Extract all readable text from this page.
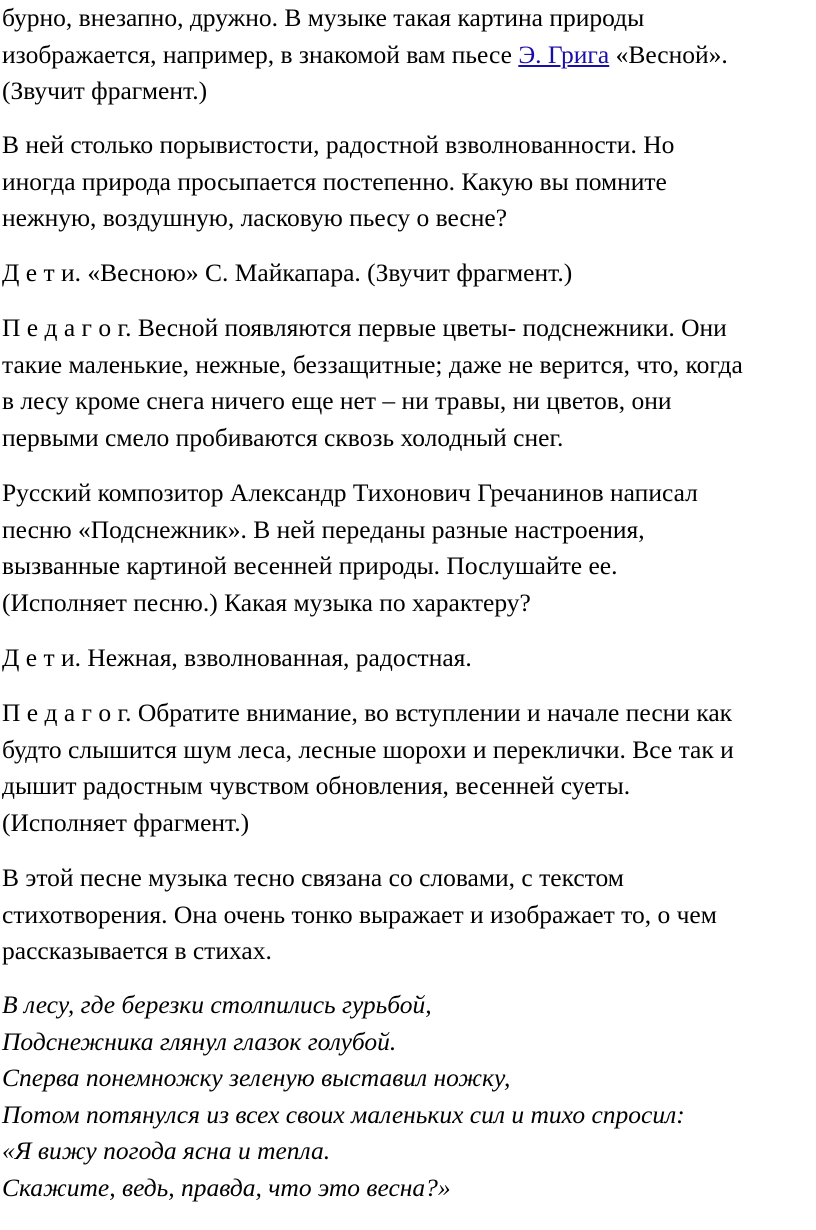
бурно, внезапно, дружно. В музыке такая картина природы
изображается, например, в знакомой вам пьесе Э. Грига «Весной».
(Звучит фрагмент.)

В ней столько порывистости, радостной взволнованности. Но
иногда природа просыпается постепенно. Какую вы помните
нежную, воздушную, ласковую пьесу о весне?

Д е т и. «Весною» С. Майкапара. (Звучит фрагмент.)

П е д а г о г. Весной появляются первые цветы- подснежники. Они
такие маленькие, нежные, беззащитные; даже не верится, что, когда
в лесу кроме снега ничего еще нет – ни травы, ни цветов, они
первыми смело пробиваются сквозь холодный снег.

Русский композитор Александр Тихонович Гречанинов написал
песню «Подснежник». В ней переданы разные настроения,
вызванные картиной весенней природы. Послушайте ее.
(Исполняет песню.) Какая музыка по характеру?

Д е т и. Нежная, взволнованная, радостная.

П е д а г о г. Обратите внимание, во вступлении и начале песни как
будто слышится шум леса, лесные шорохи и переклички. Все так и
дышит радостным чувством обновления, весенней суеты.
(Исполняет фрагмент.)

В этой песне музыка тесно связана со словами, с текстом
стихотворения. Она очень тонко выражает и изображает то, о чем
рассказывается в стихах.

В лесу, где березки столпились гурьбой,
Подснежника глянул глазок голубой.
Сперва понемножку зеленую выставил ножку,
Потом потянулся из всех своих маленьких сил и тихо спросил:
«Я вижу погода ясна и тепла.
Скажите, ведь, правда, что это весна?»
